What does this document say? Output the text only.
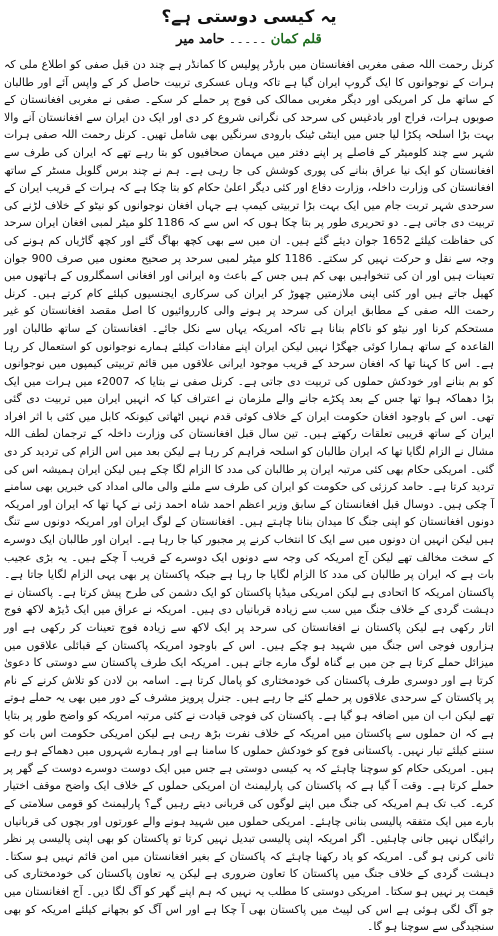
یہ کیسی دوستی ہے؟
قلم کمان۔۔۔۔۔حامد میر

کرنل رحمت اللہ صفی مغربی افغانستان میں بارڈر پولیس کا کمانڈر ہے چند دن قبل صفی کو اطلاع ملی کہ ہرات کے نوجوانوں کا ایک گروپ ایران گیا ہے تاکہ وہاں عسکری تربیت حاصل کر کے واپس آئے اور طالبان کے ساتھ مل کر امریکی اور دیگر مغربی ممالک کی فوج پر حملے کر سکے۔ صفی نے مغربی افغانستان کے صوبوں ہرات، فراح اور بادغیس کی سرحد کی نگرانی شروع کر دی اور ایک دن ایران سے افغانستان آنے والا بہت بڑا اسلحہ پکڑا لیا جس میں اینٹی ٹینک بارودی سرنگیں بھی شامل تھیں۔ کرنل رحمت اللہ صفی ہرات شہر سے چند کلومیٹر کے فاصلے پر اپنے دفتر میں مہمان صحافیوں کو بتا رہے تھے کہ ایران کی طرف سے افغانستان کو ایک نیا عراق بنانے کی پوری کوشش کی جا رہی ہے۔ ہم نے چند برس گلوبل مسٹر کے ساتھ افغانستان کی وزارت داخلہ، وزارت دفاع اور کئی دیگر اعلیٰ حکام کو بتا چکا ہے کہ ہرات کے قریب ایران کے سرحدی شہر تربت جام میں ایک بہت بڑا تربیتی کیمپ ہے جہاں افغان نوجوانوں کو نیٹو کے خلاف لڑنے کی تربیت دی جاتی ہے۔ دو تحریری طور پر بتا چکا ہوں کہ اس سے کہ 1186 کلو میٹر لمبی افغان ایران سرحد کی حفاظت کیلئے 1652 جوان دیئے گئے ہیں۔ ان میں سے بھی کچھ بھاگ گئے اور کچھ گاڑیاں کم ہونے کی وجہ سے نقل و حرکت نہیں کر سکتے۔ 1186 کلو میٹر لمبی سرحد پر صحیح معنوں میں صرف 900 جوان تعینات ہیں اور ان کی تنخواہیں بھی کم ہیں جس کے باعث وہ ایرانی اور افغانی اسمگلروں کے ہاتھوں میں کھیل جاتے ہیں اور کئی اپنی ملازمتیں چھوڑ کر ایران کی سرکاری ایجنسیوں کیلئے کام کرتے ہیں۔ کرنل رحمت اللہ صفی کے مطابق ایران کی سرحد پر ہونے والی کارروائیوں کا اصل مقصد افغانستان کو غیر مستحکم کرنا اور نیٹو کو ناکام بنانا ہے تاکہ امریکہ یہاں سے نکل جائے۔ افغانستان کے ساتھ طالبان اور القاعدہ کے ساتھ ہمارا کوئی جھگڑا نہیں لیکن ایران اپنے مفادات کیلئے ہمارے نوجوانوں کو استعمال کر رہا ہے۔ اس کا کہنا تھا کہ افغان سرحد کے قریب موجود ایرانی علاقوں میں قائم تربیتی کیمپوں میں نوجوانوں کو بم بنانے اور خودکش حملوں کی تربیت دی جاتی ہے۔ کرنل صفی نے بتایا کہ 2007ء میں ہرات میں ایک بڑا دھماکہ ہوا تھا جس کے بعد پکڑے جانے والے ملزمان نے اعتراف کیا کہ انہیں ایران میں تربیت دی گئی تھی۔ اس کے باوجود افغان حکومت ایران کے خلاف کوئی قدم نہیں اٹھاتی کیونکہ کابل میں کئی با اثر افراد ایران کے ساتھ قریبی تعلقات رکھتے ہیں۔ تین سال قبل افغانستان کی وزارت داخلہ کے ترجمان لطف اللہ مشال نے الزام لگایا تھا کہ ایران طالبان کو اسلحہ فراہم کر رہا ہے لیکن بعد میں اس الزام کی تردید کر دی گئی۔ امریکی حکام بھی کئی مرتبہ ایران پر طالبان کی مدد کا الزام لگا چکے ہیں لیکن ایران ہمیشہ اس کی تردید کرتا ہے۔ حامد کرزئی کی حکومت کو ایران کی طرف سے ملنے والی مالی امداد کی خبریں بھی سامنے آ چکی ہیں۔ دوسال قبل افغانستان کے سابق وزیر اعظم احمد شاہ احمد زئی نے کہا تھا کہ ایران اور امریکہ دونوں افغانستان کو اپنی جنگ کا میدان بنانا چاہتے ہیں۔ افغانستان کے لوگ ایران اور امریکہ دونوں سے تنگ ہیں لیکن انہیں ان دونوں میں سے ایک کا انتخاب کرنے پر مجبور کیا جا رہا ہے۔ ایران اور طالبان ایک دوسرے کے سخت مخالف تھے لیکن آج امریکہ کی وجہ سے دونوں ایک دوسرے کے قریب آ چکے ہیں۔ یہ بڑی عجیب بات ہے کہ ایران پر طالبان کی مدد کا الزام لگایا جا رہا ہے جبکہ پاکستان پر بھی یہی الزام لگایا جاتا ہے۔ پاکستان امریکہ کا اتحادی ہے لیکن امریکی میڈیا پاکستان کو ایک دشمن کی طرح پیش کرتا ہے۔ پاکستان نے دہشت گردی کے خلاف جنگ میں سب سے زیادہ قربانیاں دی ہیں۔ امریکہ نے عراق میں ایک ڈیڑھ لاکھ فوج اتار رکھی ہے لیکن پاکستان نے افغانستان کی سرحد پر ایک لاکھ سے زیادہ فوج تعینات کر رکھی ہے اور ہزاروں فوجی اس جنگ میں شہید ہو چکے ہیں۔ اس کے باوجود امریکہ پاکستان کے قبائلی علاقوں میں میزائل حملے کرتا ہے جن میں بے گناہ لوگ مارے جاتے ہیں۔ امریکہ ایک طرف پاکستان سے دوستی کا دعویٰ کرتا ہے اور دوسری طرف پاکستان کی خودمختاری کو پامال کرتا ہے۔ اسامہ بن لادن کو تلاش کرنے کے نام پر پاکستان کے سرحدی علاقوں پر حملے کئے جا رہے ہیں۔ جنرل پرویز مشرف کے دور میں بھی یہ حملے ہوتے تھے لیکن اب ان میں اضافہ ہو گیا ہے۔ پاکستان کی فوجی قیادت نے کئی مرتبہ امریکہ کو واضح طور پر بتایا ہے کہ ان حملوں سے پاکستان میں امریکہ کے خلاف نفرت بڑھ رہی ہے لیکن امریکی حکومت اس بات کو سننے کیلئے تیار نہیں۔ پاکستانی فوج کو خودکش حملوں کا سامنا ہے اور ہمارے شہروں میں دھماکے ہو رہے ہیں۔ امریکی حکام کو سوچنا چاہئے کہ یہ کیسی دوستی ہے جس میں ایک دوست دوسرے دوست کے گھر پر حملے کرتا ہے۔ وقت آ گیا ہے کہ پاکستان کی پارلیمنٹ ان امریکی حملوں کے خلاف ایک واضح موقف اختیار کرے۔ کب تک ہم امریکہ کی جنگ میں اپنے لوگوں کی قربانی دیتے رہیں گے؟ پارلیمنٹ کو قومی سلامتی کے بارے میں ایک متفقہ پالیسی بنانی چاہئے۔ امریکی حملوں میں شہید ہونے والے عورتوں اور بچوں کی قربانیاں رائیگاں نہیں جانی چاہئیں۔ اگر امریکہ اپنی پالیسی تبدیل نہیں کرتا تو پاکستان کو بھی اپنی پالیسی پر نظر ثانی کرنی ہو گی۔ امریکہ کو یاد رکھنا چاہئے کہ پاکستان کے بغیر افغانستان میں امن قائم نہیں ہو سکتا۔ دہشت گردی کے خلاف جنگ میں پاکستان کا تعاون ضروری ہے لیکن یہ تعاون پاکستان کی خودمختاری کی قیمت پر نہیں ہو سکتا۔ امریکی دوستی کا مطلب یہ نہیں کہ ہم اپنے گھر کو آگ لگا دیں۔ آج افغانستان میں جو آگ لگی ہوئی ہے اس کی لپیٹ میں پاکستان بھی آ چکا ہے اور اس آگ کو بجھانے کیلئے امریکہ کو بھی سنجیدگی سے سوچنا ہو گا۔
